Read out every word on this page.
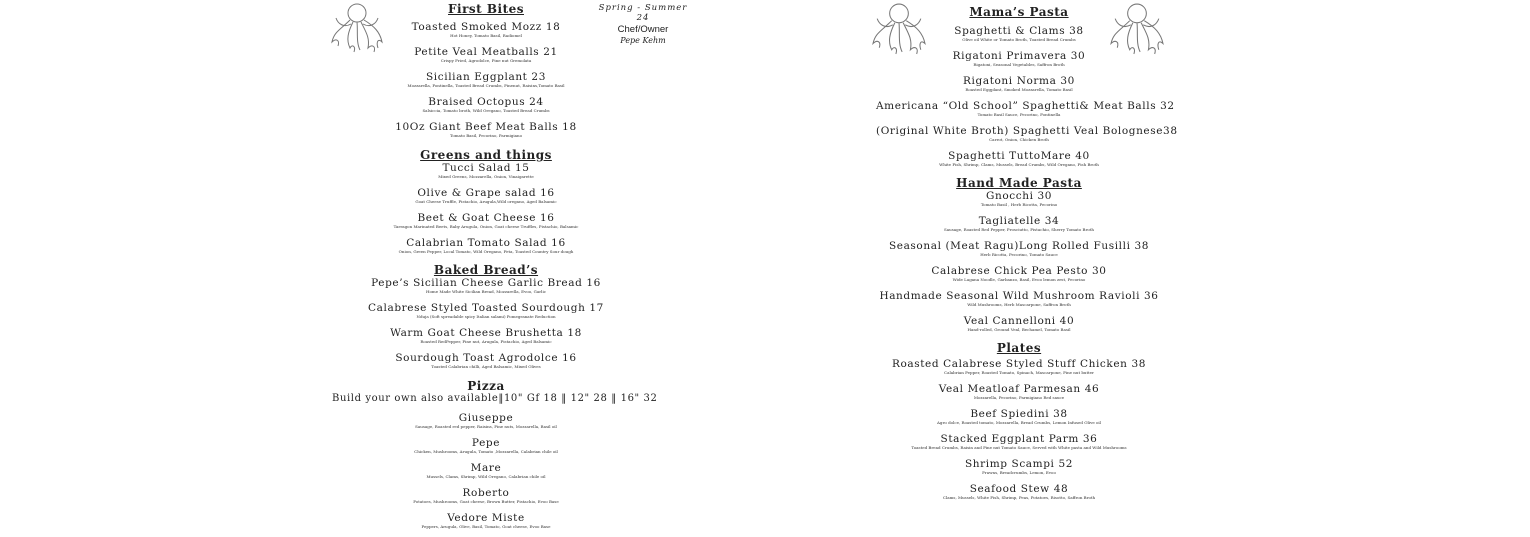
Spring - Summer 24
Chef/Owner
Pepe Kehm
First Bites
Toasted Smoked Mozz 18
Hot Honey, Tomato Basil, Radiomel
Petite Veal Meatballs 21
Crispy Fried, Agrodolce, Pine nut Gremolata
Sicilian Eggplant 23
Mozzarella, Fontinella, Toasted Bread Crumbs, Pinenut, Raisins,Tomato Basil
Braised Octopus 24
Salsiccia, Tomato broth, Wild Oregano, Toasted Bread Crumbs
10Oz Giant Beef Meat Balls 18
Tomato Basil, Pecorino, Parmigiano
Greens and things
Tucci Salad 15
Mixed Greens, Mozzarella, Onion, Vinaigarette
Olive & Grape salad 16
Goat Cheese Truffle, Pistachio, Arugula,Wild oregano, Aged Balsamic
Beet & Goat Cheese 16
Tarragon Marinated Beets, Baby Arugula, Onion, Goat cheese Truffles, Pistachio, Balsamic
Calabrian Tomato Salad 16
Onion, Green Pepper, Local Tomato, Wild Oregano, Feta, Toasted Country Sour dough
Baked Bread’s
Pepe’s Sicilian Cheese Garlic Bread 16
Home Made White Sicilian Bread, Mozzarella, Evoo, Garlic
Calabrese Styled Toasted Sourdough 17
Nduja (Soft spreadable spicy Italian salami) Pomegranate Reduction
Warm Goat Cheese Brushetta 18
Roasted RedPepper, Pine nut, Arugula, Pistachio, Aged Balsamic
Sourdough Toast Agrodolce 16
Toasted Calabrian chilli, Aged Balsamic, Mixed Olives
Pizza
Build your own also available‖10" Gf 18 ‖ 12" 28 ‖ 16" 32
Giuseppe
Sausage, Roasted red pepper, Raisins, Pine nuts, Mozzarella, Basil oil
Pepe
Chicken, Mushrooms, Arugula, Tomato ,Mozzarella, Calabrian chile oil
Mare
Mussels, Clams, Shrimp, Wild Oregano, Calabrian chile oil
Roberto
Potatoes, Mushrooms, Goat cheese, Brown Butter, Pistachio, Evoo Base
Vedore Miste
Peppers, Arugula, Olive, Basil, Tomato, Goat cheese, Evoo Base
Mama’s Pasta
Spaghetti & Clams 38
Olive oil White or Tomato Broth, Toasted Bread Crumbs
Rigatoni Primavera 30
Rigatoni, Seasonal Vegetables, Saffron Broth
Rigatoni Norma 30
Roasted Eggplant, Smoked Mozzarella, Tomato Basil
Americana “Old School” Spaghetti& Meat Balls 32
Tomato Basil Sauce, Pecorino, Fontinella
(Original White Broth) Spaghetti Veal Bolognese38
Carrot, Onion, Chicken Broth
Spaghetti TuttoMare 40
White Fish, Shrimp, Clams, Mussels, Bread Crumbs, Wild Oregano, Fish Broth
Hand Made Pasta
Gnocchi 30
Tomato Basil , Herb Ricotta, Pecorino
Tagliatelle 34
Sausage, Roasted Red Pepper, Prosciutto, Pistachio, Sherry Tomato Broth
Seasonal (Meat Ragu)Long Rolled Fusilli 38
Herb Ricotta, Pecorino, Tomato Sauce
Calabrese Chick Pea Pesto 30
Wide Lagana Noodle, Garbanzo, Basil, Evoo lemon zest, Pecorino
Handmade Seasonal Wild Mushroom Ravioli 36
Wild Mushrooms, Herb Mascarpone, Saffron Broth
Veal Cannelloni 40
Hand-rolled, Ground Veal, Bechamel, Tomato Basil
Plates
Roasted Calabrese Styled Stuff Chicken 38
Calabrian Pepper, Roasted Tomato, Spinach, Mascarpone, Pine nut butter
Veal Meatloaf Parmesan 46
Mozzarella, Pecorino, Parmigiano Red sauce
Beef Spiedini 38
Agro dolce, Roasted tomato, Mozzarella, Bread Crumbs, Lemon Infused Olive oil
Stacked Eggplant Parm 36
Toasted Bread Crumbs, Raisin and Pine nut Tomato Sauce, Served with White pasta and Wild Mushrooms
Shrimp Scampi 52
Prawns, Breadcrumbs, Lemon, Evoo
Seafood Stew 48
Clams, Mussels, White Fish, Shrimp, Peas, Potatoes, Risotto, Saffron Broth
